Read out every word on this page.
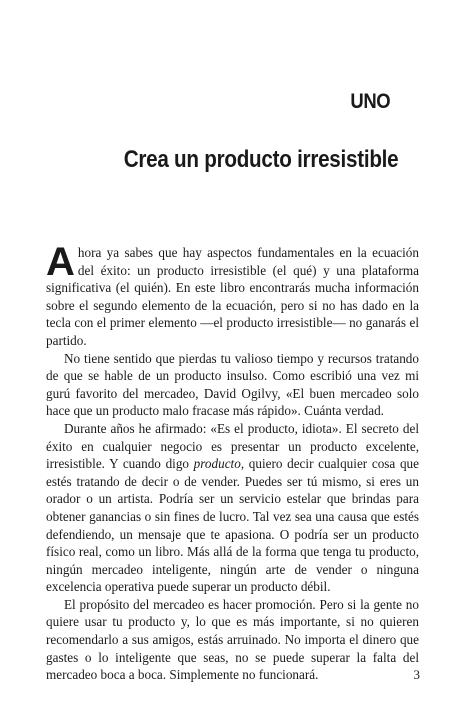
UNO
Crea un producto irresistible

Ahora ya sabes que hay aspectos fundamentales en la ecuación del éxito: un producto irresistible (el qué) y una plataforma significativa (el quién). En este libro encontrarás mucha información sobre el segundo elemento de la ecuación, pero si no has dado en la tecla con el primer elemento —el producto irresistible— no ganarás el partido.

No tiene sentido que pierdas tu valioso tiempo y recursos tratando de que se hable de un producto insulso. Como escribió una vez mi gurú favorito del mercadeo, David Ogilvy, «El buen mercadeo solo hace que un producto malo fracase más rápido». Cuánta verdad.

Durante años he afirmado: «Es el producto, idiota». El secreto del éxito en cualquier negocio es presentar un producto excelente, irresistible. Y cuando digo producto, quiero decir cualquier cosa que estés tratando de decir o de vender. Puedes ser tú mismo, si eres un orador o un artista. Podría ser un servicio estelar que brindas para obtener ganancias o sin fines de lucro. Tal vez sea una causa que estés defendiendo, un mensaje que te apasiona. O podría ser un producto físico real, como un libro. Más allá de la forma que tenga tu producto, ningún mercadeo inteligente, ningún arte de vender o ninguna excelencia operativa puede superar un producto débil.

El propósito del mercadeo es hacer promoción. Pero si la gente no quiere usar tu producto y, lo que es más importante, si no quieren recomendarlo a sus amigos, estás arruinado. No importa el dinero que gastes o lo inteligente que seas, no se puede superar la falta del mercadeo boca a boca. Simplemente no funcionará.	3
